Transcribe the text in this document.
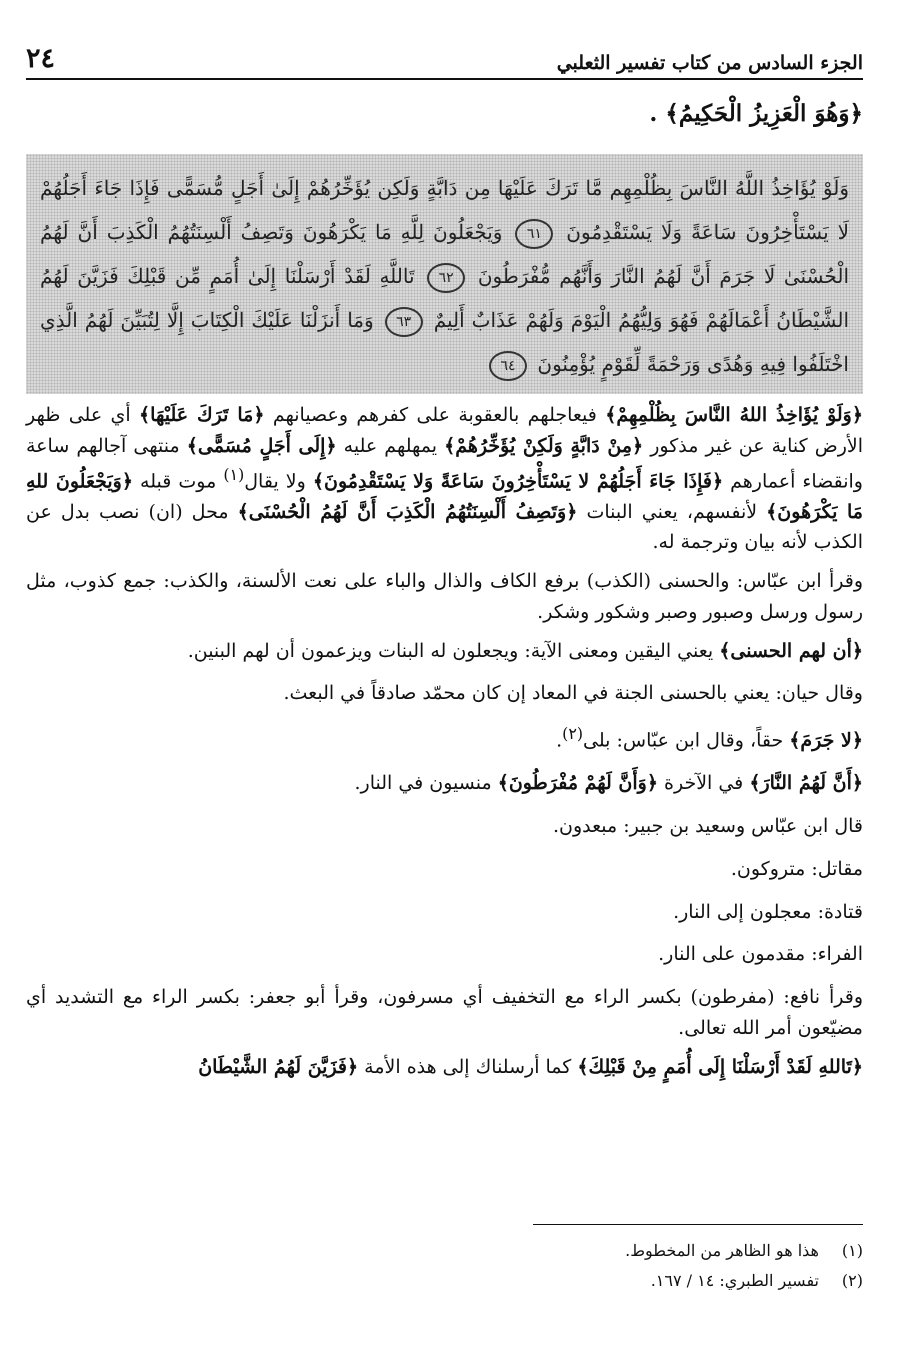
٢٤	الجزء السادس من كتاب تفسير الثعلبي
﴿وَهُوَ الْعَزِيزُ الْحَكِيمُ﴾ .
وَلَوْ يُؤَاخِذُ اللَّهُ النَّاسَ بِظُلْمِهِم مَّا تَرَكَ عَلَيْهَا مِن دَابَّةٍ وَلَكِن يُؤَخِّرُهُمْ إِلَىٰ أَجَلٍ مُّسَمًّى فَإِذَا جَاءَ أَجَلُهُمْ لَا يَسْتَأْخِرُونَ سَاعَةً وَلَا يَسْتَقْدِمُونَ ٦١ وَيَجْعَلُونَ لِلَّهِ مَا يَكْرَهُونَ وَتَصِفُ أَلْسِنَتُهُمُ الْكَذِبَ أَنَّ لَهُمُ الْحُسْنَىٰ لَا جَرَمَ أَنَّ لَهُمُ النَّارَ وَأَنَّهُم مُّفْرَطُونَ ٦٢ تَاللَّهِ لَقَدْ أَرْسَلْنَا إِلَىٰ أُمَمٍ مِّن قَبْلِكَ فَزَيَّنَ لَهُمُ الشَّيْطَانُ أَعْمَالَهُمْ فَهُوَ وَلِيُّهُمُ الْيَوْمَ وَلَهُمْ عَذَابٌ أَلِيمٌ ٦٣ وَمَا أَنزَلْنَا عَلَيْكَ الْكِتَابَ إِلَّا لِتُبَيِّنَ لَهُمُ الَّذِي اخْتَلَفُوا فِيهِ وَهُدًى وَرَحْمَةً لِّقَوْمٍ يُؤْمِنُونَ ٦٤

﴿وَلَوْ يُؤَاخِذُ اللهُ النَّاسَ بِظُلْمِهِمْ﴾ فيعاجلهم بالعقوبة على كفرهم وعصيانهم ﴿مَا تَرَكَ عَلَيْهَا﴾ أي على ظهر الأرض كناية عن غير مذكور ﴿مِنْ دَابَّةٍ وَلَكِنْ يُؤَخِّرُهُمْ﴾ يمهلهم عليه ﴿إِلَى أَجَلٍ مُسَمًّى﴾ منتهى آجالهم ساعة وانقضاء أعمارهم ﴿فَإِذَا جَاءَ أَجَلُهُمْ لا يَسْتَأْخِرُونَ سَاعَةً وَلا يَسْتَقْدِمُونَ﴾ ولا يقال$^{(١)}$ موت قبله ﴿وَيَجْعَلُونَ للهِ مَا يَكْرَهُونَ﴾ لأنفسهم، يعني البنات ﴿وَتَصِفُ أَلْسِنَتُهُمُ الْكَذِبَ أَنَّ لَهُمُ الْحُسْنَى﴾ محل (ان) نصب بدل عن الكذب لأنه بيان وترجمة له.

وقرأ ابن عبّاس: والحسنى (الكذب) برفع الكاف والذال والباء على نعت الألسنة، والكذب: جمع كذوب، مثل رسول ورسل وصبور وصبر وشكور وشكر.

﴿أن لهم الحسنى﴾ يعني اليقين ومعنى الآية: ويجعلون له البنات ويزعمون أن لهم البنين.

وقال حيان: يعني بالحسنى الجنة في المعاد إن كان محمّد صادقاً في البعث.

﴿لا جَرَمَ﴾ حقاً، وقال ابن عبّاس: بلى$^{(٢)}$.

﴿أَنَّ لَهُمُ النَّارَ﴾ في الآخرة ﴿وَأَنَّ لَهُمْ مُفْرَطُونَ﴾ منسيون في النار.

قال ابن عبّاس وسعيد بن جبير: مبعدون.

مقاتل: متروكون.

قتادة: معجلون إلى النار.

الفراء: مقدمون على النار.

وقرأ نافع: (مفرطون) بكسر الراء مع التخفيف أي مسرفون، وقرأ أبو جعفر: بكسر الراء مع التشديد أي مضيّعون أمر الله تعالى.

﴿تَاللهِ لَقَدْ أَرْسَلْنَا إِلَى أُمَمٍ مِنْ قَبْلِكَ﴾ كما أرسلناك إلى هذه الأمة ﴿فَزَيَّنَ لَهُمُ الشَّيْطَانُ

(١)
هذا هو الظاهر من المخطوط.
(٢)
تفسير الطبري: ١٤ / ١٦٧.
